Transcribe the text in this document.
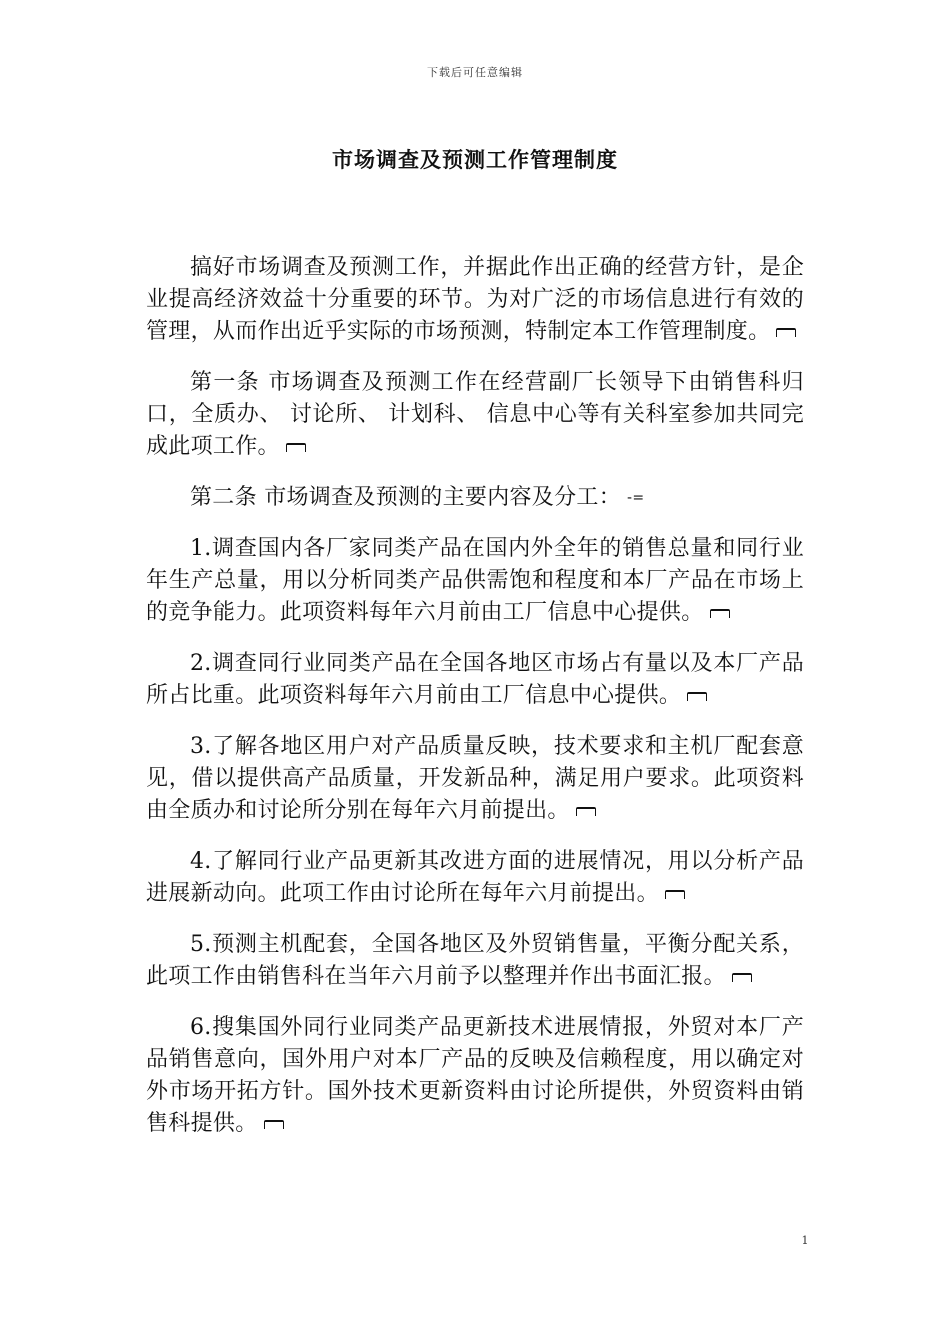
下载后可任意编辑
市场调查及预测工作管理制度

搞好市场调查及预测工作，并据此作出正确的经营方针，是企业提高经济效益十分重要的环节。为对广泛的市场信息进行有效的管理，从而作出近乎实际的市场预测，特制定本工作管理制度。

第一条 市场调查及预测工作在经营副厂长领导下由销售科归口，全质办、 讨论所、 计划科、 信息中心等有关科室参加共同完成此项工作。

第二条 市场调查及预测的主要内容及分工： -=

1.调查国内各厂家同类产品在国内外全年的销售总量和同行业年生产总量，用以分析同类产品供需饱和程度和本厂产品在市场上的竞争能力。此项资料每年六月前由工厂信息中心提供。

2.调查同行业同类产品在全国各地区市场占有量以及本厂产品所占比重。此项资料每年六月前由工厂信息中心提供。

3.了解各地区用户对产品质量反映，技术要求和主机厂配套意见，借以提供高产品质量，开发新品种，满足用户要求。此项资料由全质办和讨论所分别在每年六月前提出。

4.了解同行业产品更新其改进方面的进展情况，用以分析产品进展新动向。此项工作由讨论所在每年六月前提出。

5.预测主机配套，全国各地区及外贸销售量，平衡分配关系，此项工作由销售科在当年六月前予以整理并作出书面汇报。

6.搜集国外同行业同类产品更新技术进展情报，外贸对本厂产品销售意向，国外用户对本厂产品的反映及信赖程度，用以确定对外市场开拓方针。国外技术更新资料由讨论所提供，外贸资料由销售科提供。

1
